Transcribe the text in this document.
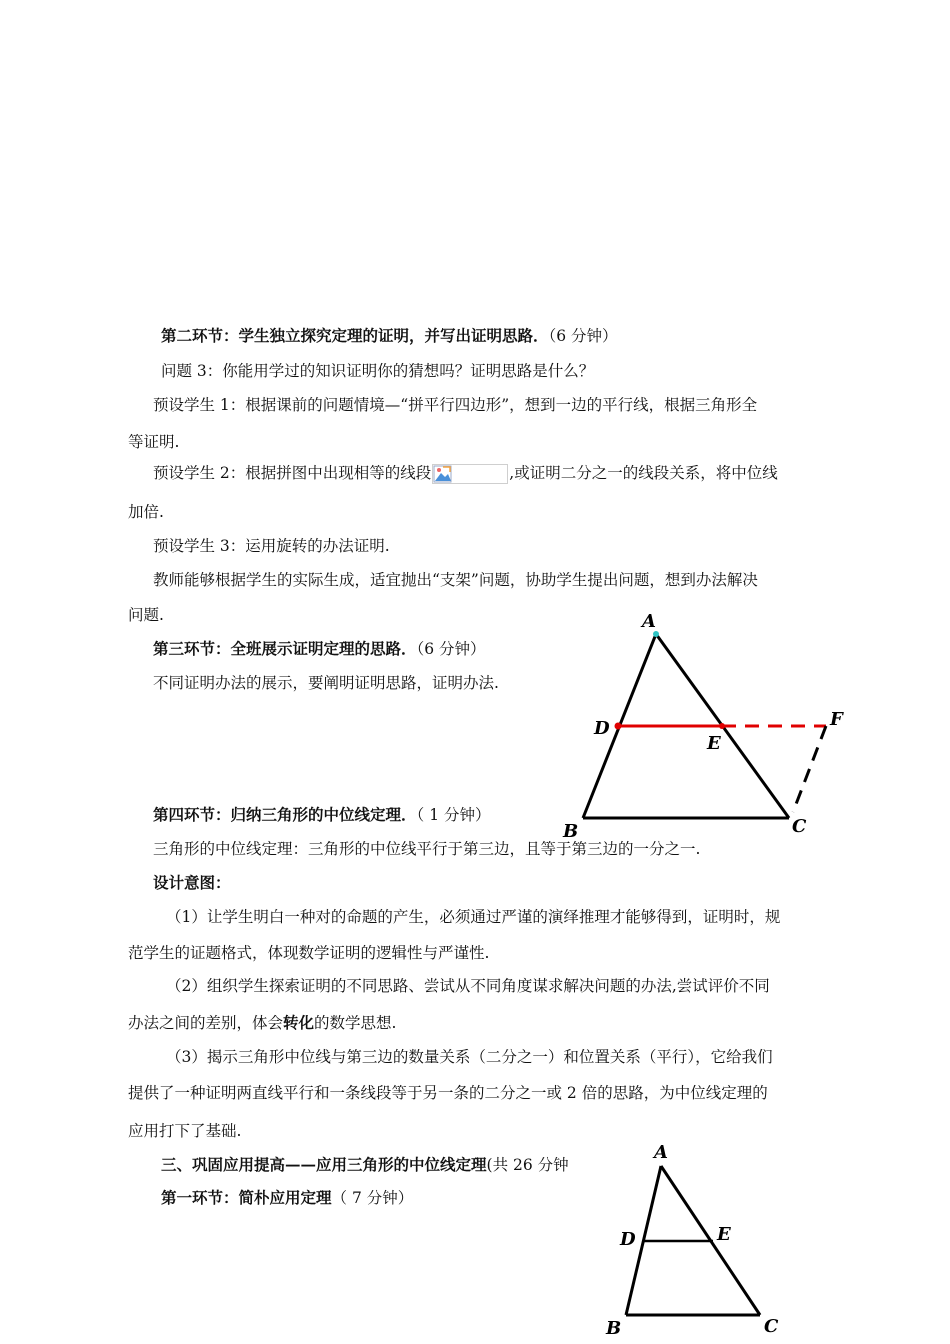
第二环节：学生独立探究定理的证明，并写出证明思路．（6 分钟）
问题 3：你能用学过的知识证明你的猜想吗？证明思路是什么？
预设学生 1：根据课前的问题情境—“拼平行四边形”，想到一边的平行线，根据三角形全
等证明.
预设学生 2：根据拼图中出现相等的线段	,或证明二分之一的线段关系，将中位线
加倍.
预设学生 3：运用旋转的办法证明.
教师能够根据学生的实际生成，适宜抛出“支架”问题，协助学生提出问题，想到办法解决
问题.
第三环节：全班展示证明定理的思路．（6 分钟）
不同证明办法的展示，要阐明证明思路，证明办法.
第四环节：归纳三角形的中位线定理．（ 1 分钟）
三角形的中位线定理：三角形的中位线平行于第三边，且等于第三边的一分之一.
A
D
E
F
B	C
设计意图：
（1）让学生明白一种对的命题的产生，必须通过严谨的演绎推理才能够得到，证明时，规
范学生的证题格式，体现数学证明的逻辑性与严谨性.
（2）组织学生探索证明的不同思路、尝试从不同角度谋求解决问题的办法,尝试评价不同
办法之间的差别，体会转化的数学思想.
（3）揭示三角形中位线与第三边的数量关系（二分之一）和位置关系（平行），它给我们
提供了一种证明两直线平行和一条线段等于另一条的二分之一或 2 倍的思路，为中位线定理的
应用打下了基础.
三、巩固应用提高——应用三角形的中位线定理(共 26 分钟
第一环节：简朴应用定理（ 7 分钟）
A
D	E
B	C
